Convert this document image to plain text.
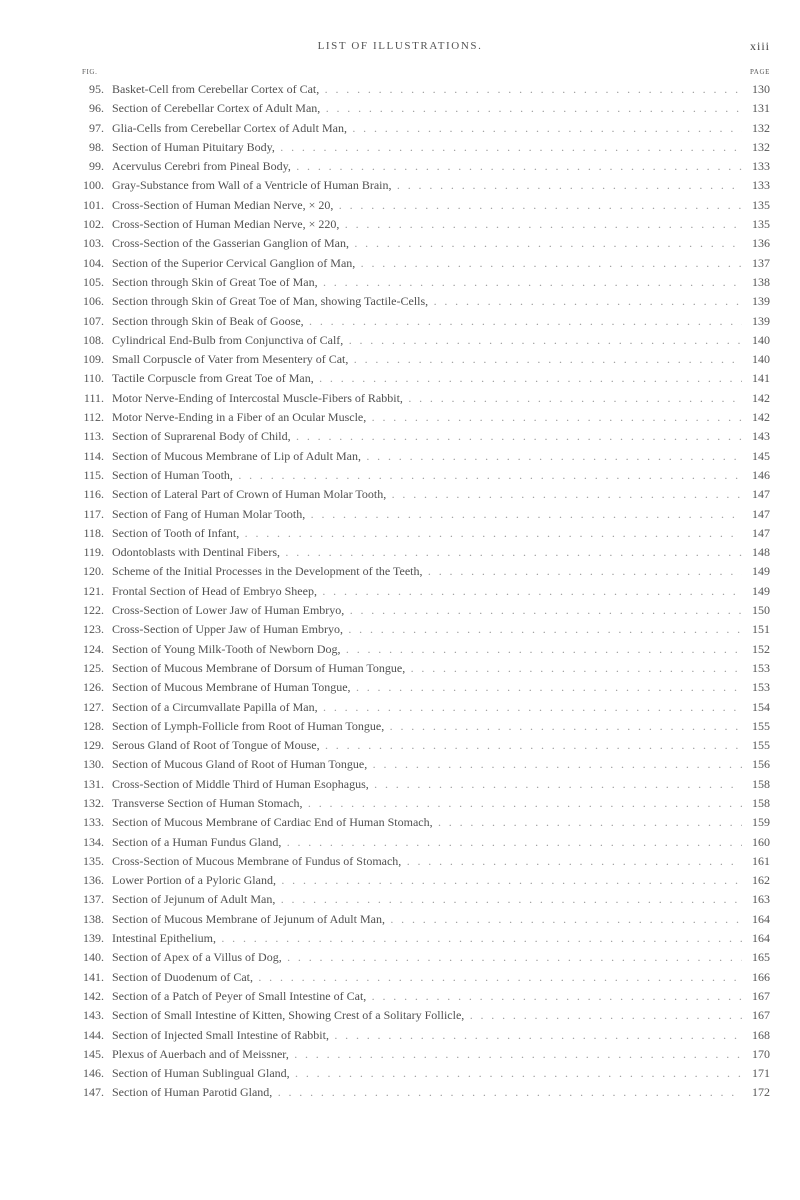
LIST OF ILLUSTRATIONS.	xiii
FIG.	PAGE
95. Basket-Cell from Cerebellar Cortex of Cat, . . .	130
96. Section of Cerebellar Cortex of Adult Man, . . .	131
97. Glia-Cells from Cerebellar Cortex of Adult Man, . . .	132
98. Section of Human Pituitary Body, . . .	132
99. Acervulus Cerebri from Pineal Body, . . .	133
100. Gray-Substance from Wall of a Ventricle of Human Brain, . . .	133
101. Cross-Section of Human Median Nerve, × 20, . . .	135
102. Cross-Section of Human Median Nerve, × 220, . . .	135
103. Cross-Section of the Gasserian Ganglion of Man, . . .	136
104. Section of the Superior Cervical Ganglion of Man, . . .	137
105. Section through Skin of Great Toe of Man, . . .	138
106. Section through Skin of Great Toe of Man, showing Tactile-Cells, . . .	139
107. Section through Skin of Beak of Goose, . . .	139
108. Cylindrical End-Bulb from Conjunctiva of Calf, . . .	140
109. Small Corpuscle of Vater from Mesentery of Cat, . . .	140
110. Tactile Corpuscle from Great Toe of Man, . . .	141
111. Motor Nerve-Ending of Intercostal Muscle-Fibers of Rabbit, . . .	142
112. Motor Nerve-Ending in a Fiber of an Ocular Muscle, . . .	142
113. Section of Suprarenal Body of Child, . . .	143
114. Section of Mucous Membrane of Lip of Adult Man, . . .	145
115. Section of Human Tooth, . . .	146
116. Section of Lateral Part of Crown of Human Molar Tooth, . . .	147
117. Section of Fang of Human Molar Tooth, . . .	147
118. Section of Tooth of Infant, . . .	147
119. Odontoblasts with Dentinal Fibers, . . .	148
120. Scheme of the Initial Processes in the Development of the Teeth, . . .	149
121. Frontal Section of Head of Embryo Sheep, . . .	149
122. Cross-Section of Lower Jaw of Human Embryo, . . .	150
123. Cross-Section of Upper Jaw of Human Embryo, . . .	151
124. Section of Young Milk-Tooth of Newborn Dog, . . .	152
125. Section of Mucous Membrane of Dorsum of Human Tongue, . . .	153
126. Section of Mucous Membrane of Human Tongue, . . .	153
127. Section of a Circumvallate Papilla of Man, . . .	154
128. Section of Lymph-Follicle from Root of Human Tongue, . . .	155
129. Serous Gland of Root of Tongue of Mouse, . . .	155
130. Section of Mucous Gland of Root of Human Tongue, . . .	156
131. Cross-Section of Middle Third of Human Esophagus, . . .	158
132. Transverse Section of Human Stomach, . . .	158
133. Section of Mucous Membrane of Cardiac End of Human Stomach, . . .	159
134. Section of a Human Fundus Gland, . . .	160
135. Cross-Section of Mucous Membrane of Fundus of Stomach, . . .	161
136. Lower Portion of a Pyloric Gland, . . .	162
137. Section of Jejunum of Adult Man, . . .	163
138. Section of Mucous Membrane of Jejunum of Adult Man, . . .	164
139. Intestinal Epithelium, . . .	164
140. Section of Apex of a Villus of Dog, . . .	165
141. Section of Duodenum of Cat, . . .	166
142. Section of a Patch of Peyer of Small Intestine of Cat, . . .	167
143. Section of Small Intestine of Kitten, Showing Crest of a Solitary Follicle, . . .	167
144. Section of Injected Small Intestine of Rabbit, . . .	168
145. Plexus of Auerbach and of Meissner, . . .	170
146. Section of Human Sublingual Gland, . . .	171
147. Section of Human Parotid Gland, . . .	172
